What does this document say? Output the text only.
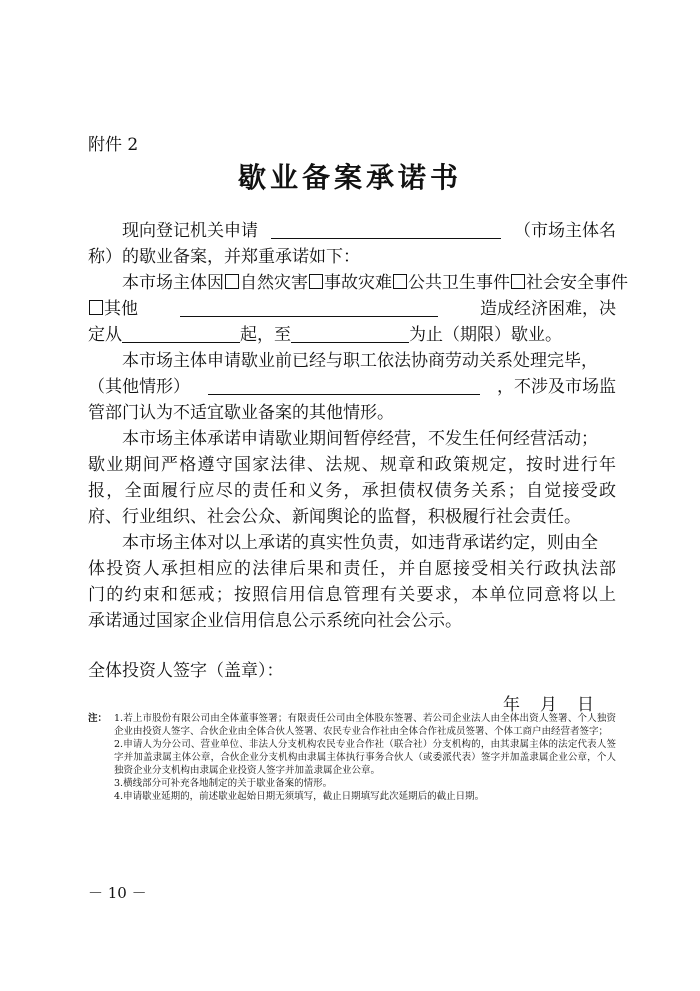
附件 2
歇业备案承诺书
现向登记机关申请	（市场主体名
称）的歇业备案，并郑重承诺如下：
本市场主体因 自然灾害 事故灾难 公共卫生事件 社会安全事件
其他	造成经济困难，决
定从	起，至	为止（期限）歇业。
本市场主体申请歇业前已经与职工依法协商劳动关系处理完毕，
（其他情形）	，不涉及市场监
管部门认为不适宜歇业备案的其他情形。
本市场主体承诺申请歇业期间暂停经营，不发生任何经营活动；
歇业期间严格遵守国家法律、法规、规章和政策规定，按时进行年
报，全面履行应尽的责任和义务，承担债权债务关系；自觉接受政
府、行业组织、社会公众、新闻舆论的监督，积极履行社会责任。
本市场主体对以上承诺的真实性负责，如违背承诺约定，则由全
体投资人承担相应的法律后果和责任，并自愿接受相关行政执法部
门的约束和惩戒；按照信用信息管理有关要求，本单位同意将以上
承诺通过国家企业信用信息公示系统向社会公示。
全体投资人签字（盖章）：
年月日
注： 1.若上市股份有限公司由全体董事签署；有限责任公司由全体股东签署、若公司企业法人由全体出资人签署、个人独资企业由投资人签字、合伙企业由全体合伙人签署、农民专业合作社由全体合作社成员签署、个体工商户由经营者签字；
2.申请人为分公司、营业单位、非法人分支机构农民专业合作社（联合社）分支机构的，由其隶属主体的法定代表人签字并加盖隶属主体公章，合伙企业分支机构由隶属主体执行事务合伙人（或委派代表）签字并加盖隶属企业公章，个人独资企业分支机构由隶属企业投资人签字并加盖隶属企业公章。
3.横线部分可补充各地制定的关于歇业备案的情形。
4.申请歇业延期的，前述歇业起始日期无须填写，截止日期填写此次延期后的截止日期。
－ 10 －
